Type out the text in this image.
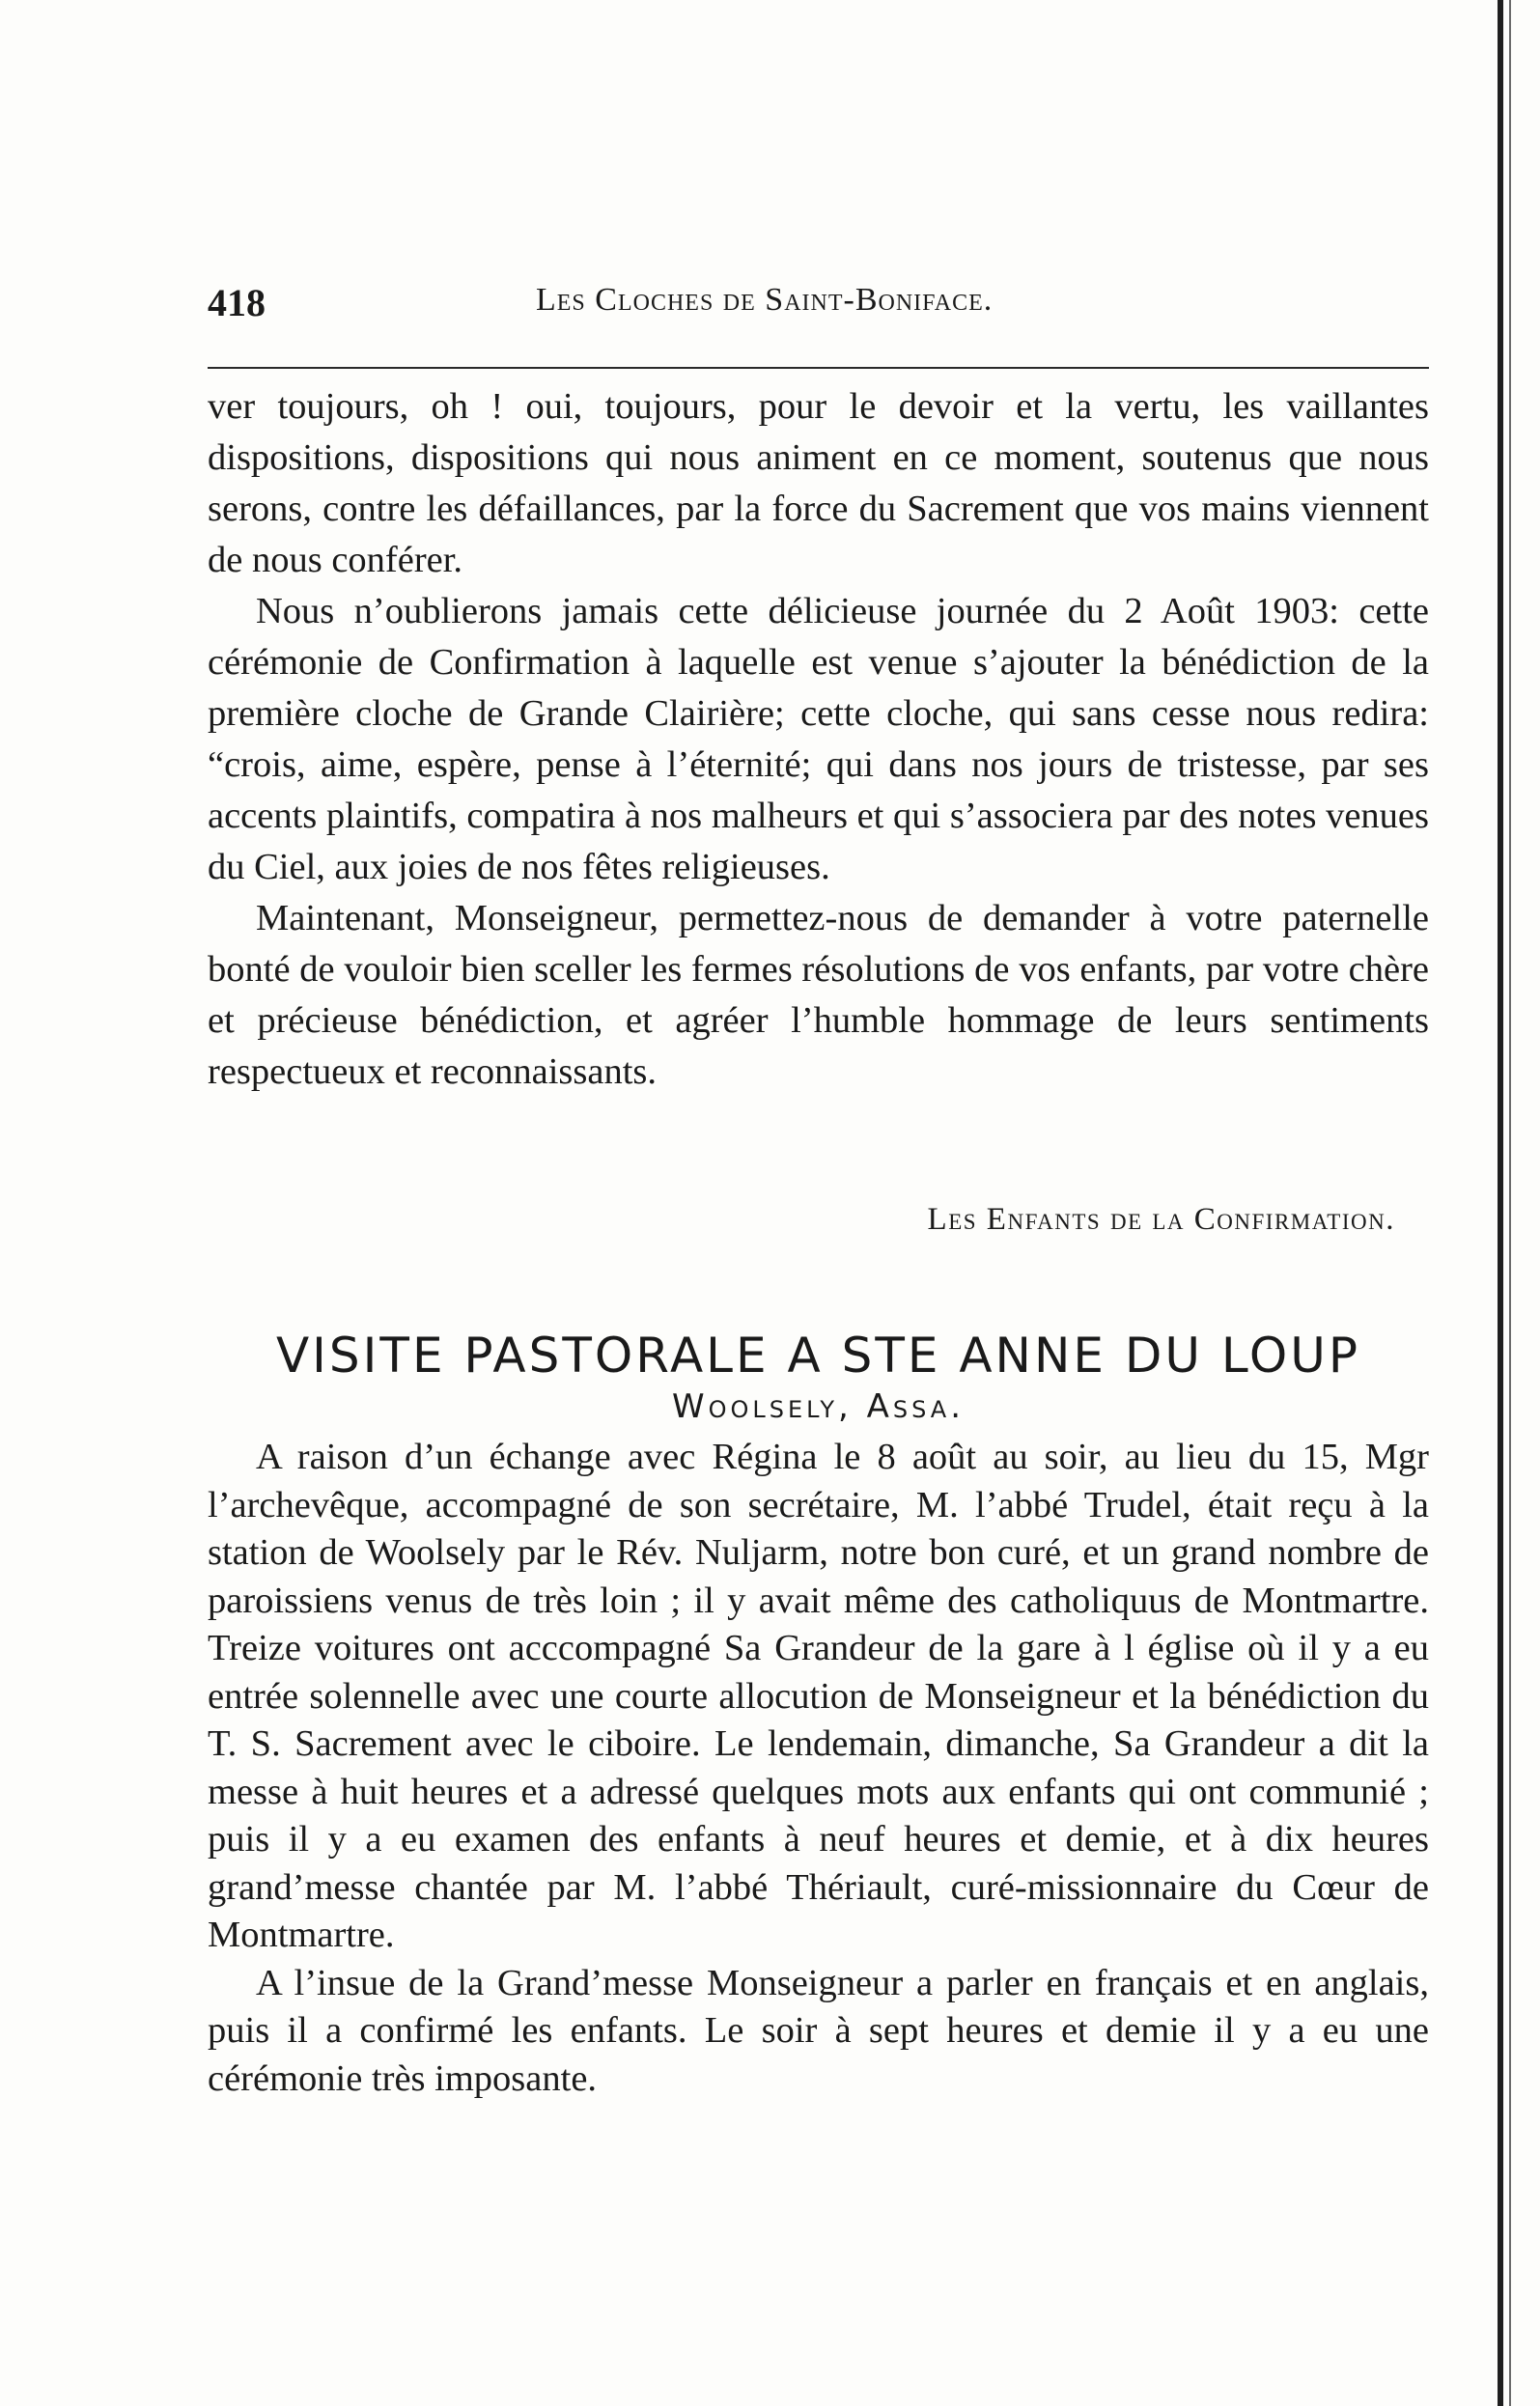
418	Les Cloches de Saint-Boniface.

ver toujours, oh ! oui, toujours, pour le devoir et la vertu, les vaillantes dispositions, dispositions qui nous animent en ce moment, soutenus que nous serons, contre les défaillances, par la force du Sacrement que vos mains viennent de nous conférer.

Nous n’oublierons jamais cette délicieuse journée du 2 Août 1903: cette cérémonie de Confirmation à laquelle est venue s’ajouter la bénédiction de la première cloche de Grande Clairière; cette cloche, qui sans cesse nous redira: “crois, aime, espère, pense à l’éternité; qui dans nos jours de tristesse, par ses accents plaintifs, compatira à nos malheurs et qui s’associera par des notes venues du Ciel, aux joies de nos fêtes religieuses.

Maintenant, Monseigneur, permettez-nous de demander à votre paternelle bonté de vouloir bien sceller les fermes résolutions de vos enfants, par votre chère et précieuse bénédiction, et agréer l’humble hommage de leurs sentiments respectueux et reconnaissants.

Les Enfants de la Confirmation.
VISITE PASTORALE A STE ANNE DU LOUP
Woolsely, Assa.

A raison d’un échange avec Régina le 8 août au soir, au lieu du 15, Mgr l’archevêque, accompagné de son secrétaire, M. l’abbé Trudel, était reçu à la station de Woolsely par le Rév. Nuljarm, notre bon curé, et un grand nombre de paroissiens venus de très loin ; il y avait même des catholiquus de Montmartre. Treize voitures ont acccompagné Sa Grandeur de la gare à l église où il y a eu entrée solennelle avec une courte allocution de Monseigneur et la bénédiction du T. S. Sacrement avec le ciboire. Le lendemain, dimanche, Sa Grandeur a dit la messe à huit heures et a adressé quelques mots aux enfants qui ont communié ; puis il y a eu examen des enfants à neuf heures et demie, et à dix heures grand’messe chantée par M. l’abbé Thériault, curé-missionnaire du Cœur de Montmartre.

A l’insue de la Grand’messe Monseigneur a parler en français et en anglais, puis il a confirmé les enfants. Le soir à sept heures et demie il y a eu une cérémonie très imposante.
